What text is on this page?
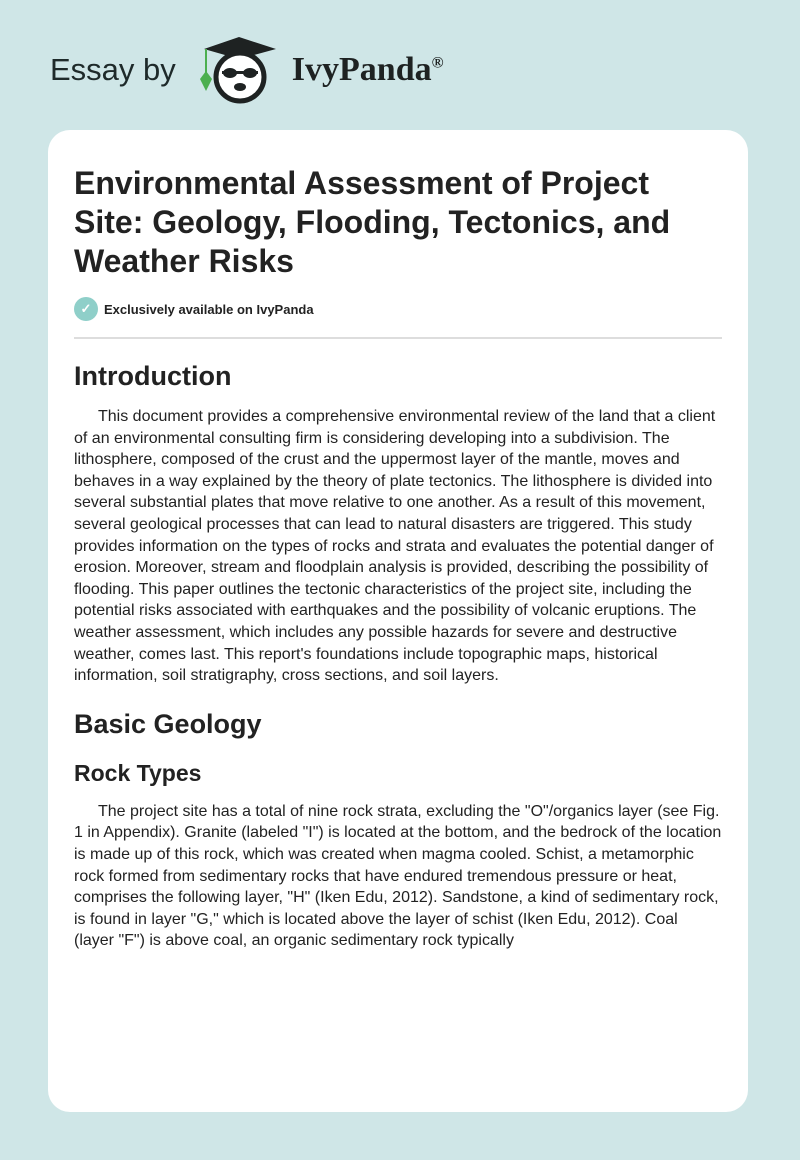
Essay by	IvyPanda®
Environmental Assessment of Project Site: Geology, Flooding, Tectonics, and Weather Risks
✓ Exclusively available on IvyPanda
Introduction

This document provides a comprehensive environmental review of the land that a client of an environmental consulting firm is considering developing into a subdivision. The lithosphere, composed of the crust and the uppermost layer of the mantle, moves and behaves in a way explained by the theory of plate tectonics. The lithosphere is divided into several substantial plates that move relative to one another. As a result of this movement, several geological processes that can lead to natural disasters are triggered. This study provides information on the types of rocks and strata and evaluates the potential danger of erosion. Moreover, stream and floodplain analysis is provided, describing the possibility of flooding. This paper outlines the tectonic characteristics of the project site, including the potential risks associated with earthquakes and the possibility of volcanic eruptions. The weather assessment, which includes any possible hazards for severe and destructive weather, comes last. This report's foundations include topographic maps, historical information, soil stratigraphy, cross sections, and soil layers.

Basic Geology
Rock Types

The project site has a total of nine rock strata, excluding the "O"/organics layer (see Fig. 1 in Appendix). Granite (labeled "I") is located at the bottom, and the bedrock of the location is made up of this rock, which was created when magma cooled. Schist, a metamorphic rock formed from sedimentary rocks that have endured tremendous pressure or heat, comprises the following layer, "H" (Iken Edu, 2012). Sandstone, a kind of sedimentary rock, is found in layer "G," which is located above the layer of schist (Iken Edu, 2012). Coal (layer "F") is above coal, an organic sedimentary rock typically
